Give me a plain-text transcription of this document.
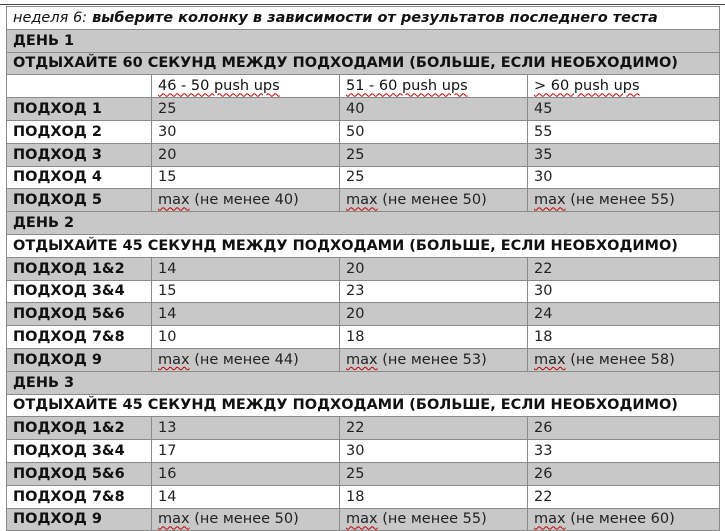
неделя 6: выберите колонку в зависимости от результатов последнего теста			
ДЕНЬ 1			
ОТДЫХАЙТЕ 60 СЕКУНД МЕЖДУ ПОДХОДАМИ (БОЛЬШЕ, ЕСЛИ НЕОБХОДИМО)			
	46 - 50 push ups	51 - 60 push ups	> 60 push ups
ПОДХОД 1	25	40	45
ПОДХОД 2	30	50	55
ПОДХОД 3	20	25	35
ПОДХОД 4	15	25	30
ПОДХОД 5	max (не менее 40)	max (не менее 50)	max (не менее 55)
ДЕНЬ 2			
ОТДЫХАЙТЕ 45 СЕКУНД МЕЖДУ ПОДХОДАМИ (БОЛЬШЕ, ЕСЛИ НЕОБХОДИМО)			
ПОДХОД 1&2	14	20	22
ПОДХОД 3&4	15	23	30
ПОДХОД 5&6	14	20	24
ПОДХОД 7&8	10	18	18
ПОДХОД 9	max (не менее 44)	max (не менее 53)	max (не менее 58)
ДЕНЬ 3			
ОТДЫХАЙТЕ 45 СЕКУНД МЕЖДУ ПОДХОДАМИ (БОЛЬШЕ, ЕСЛИ НЕОБХОДИМО)			
ПОДХОД 1&2	13	22	26
ПОДХОД 3&4	17	30	33
ПОДХОД 5&6	16	25	26
ПОДХОД 7&8	14	18	22
ПОДХОД 9	max (не менее 50)	max (не менее 55)	max (не менее 60)
